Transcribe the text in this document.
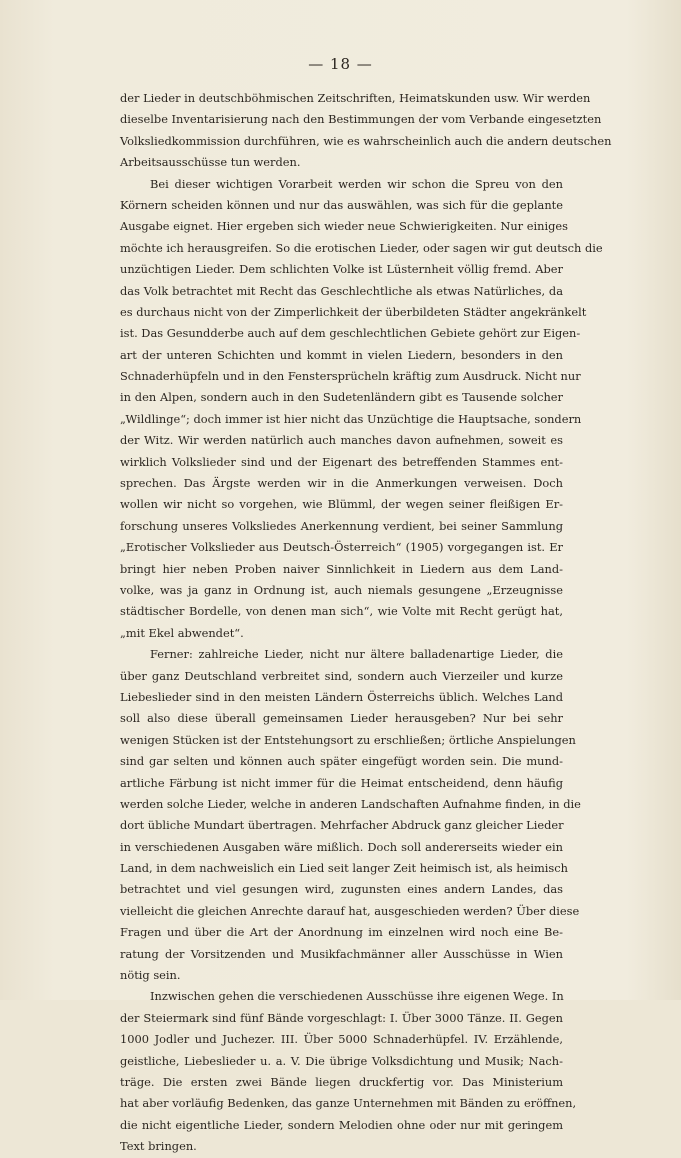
— 18 —
der Lieder in deutschböhmischen Zeitschriften, Heimatskunden usw. Wir werden
dieselbe Inventarisierung nach den Bestimmungen der vom Verbande eingesetzten
Volksliedkommission durchführen, wie es wahrscheinlich auch die andern deutschen
Arbeitsausschüsse tun werden.
Bei dieser wichtigen Vorarbeit werden wir schon die Spreu von den
Körnern scheiden können und nur das auswählen, was sich für die geplante
Ausgabe eignet. Hier ergeben sich wieder neue Schwierigkeiten. Nur einiges
möchte ich herausgreifen. So die erotischen Lieder, oder sagen wir gut deutsch die
unzüchtigen Lieder. Dem schlichten Volke ist Lüsternheit völlig fremd. Aber
das Volk betrachtet mit Recht das Geschlechtliche als etwas Natürliches, da
es durchaus nicht von der Zimperlichkeit der überbildeten Städter angekränkelt
ist. Das Gesundderbe auch auf dem geschlechtlichen Gebiete gehört zur Eigen-
art der unteren Schichten und kommt in vielen Liedern, besonders in den
Schnaderhüpfeln und in den Fenstersprücheln kräftig zum Ausdruck. Nicht nur
in den Alpen, sondern auch in den Sudetenländern gibt es Tausende solcher
„Wildlinge“; doch immer ist hier nicht das Unzüchtige die Hauptsache, sondern
der Witz. Wir werden natürlich auch manches davon aufnehmen, soweit es
wirklich Volkslieder sind und der Eigenart des betreffenden Stammes ent-
sprechen. Das Ärgste werden wir in die Anmerkungen verweisen. Doch
wollen wir nicht so vorgehen, wie Blümml, der wegen seiner fleißigen Er-
forschung unseres Volksliedes Anerkennung verdient, bei seiner Sammlung
„Erotischer Volkslieder aus Deutsch-Österreich“ (1905) vorgegangen ist. Er
bringt hier neben Proben naiver Sinnlichkeit in Liedern aus dem Land-
volke, was ja ganz in Ordnung ist, auch niemals gesungene „Erzeugnisse
städtischer Bordelle, von denen man sich“, wie Volte mit Recht gerügt hat,
„mit Ekel abwendet“.
Ferner: zahlreiche Lieder, nicht nur ältere balladenartige Lieder, die
über ganz Deutschland verbreitet sind, sondern auch Vierzeiler und kurze
Liebeslieder sind in den meisten Ländern Österreichs üblich. Welches Land
soll also diese überall gemeinsamen Lieder herausgeben? Nur bei sehr
wenigen Stücken ist der Entstehungsort zu erschließen; örtliche Anspielungen
sind gar selten und können auch später eingefügt worden sein. Die mund-
artliche Färbung ist nicht immer für die Heimat entscheidend, denn häufig
werden solche Lieder, welche in anderen Landschaften Aufnahme finden, in die
dort übliche Mundart übertragen. Mehrfacher Abdruck ganz gleicher Lieder
in verschiedenen Ausgaben wäre mißlich. Doch soll andererseits wieder ein
Land, in dem nachweislich ein Lied seit langer Zeit heimisch ist, als heimisch
betrachtet und viel gesungen wird, zugunsten eines andern Landes, das
vielleicht die gleichen Anrechte darauf hat, ausgeschieden werden? Über diese
Fragen und über die Art der Anordnung im einzelnen wird noch eine Be-
ratung der Vorsitzenden und Musikfachmänner aller Ausschüsse in Wien
nötig sein.
Inzwischen gehen die verschiedenen Ausschüsse ihre eigenen Wege. In
der Steiermark sind fünf Bände vorgeschlagt: I. Über 3000 Tänze. II. Gegen
1000 Jodler und Juchezer. III. Über 5000 Schnaderhüpfel. IV. Erzählende,
geistliche, Liebeslieder u. a. V. Die übrige Volksdichtung und Musik; Nach-
träge. Die ersten zwei Bände liegen druckfertig vor. Das Ministerium
hat aber vorläufig Bedenken, das ganze Unternehmen mit Bänden zu eröffnen,
die nicht eigentliche Lieder, sondern Melodien ohne oder nur mit geringem
Text bringen.
